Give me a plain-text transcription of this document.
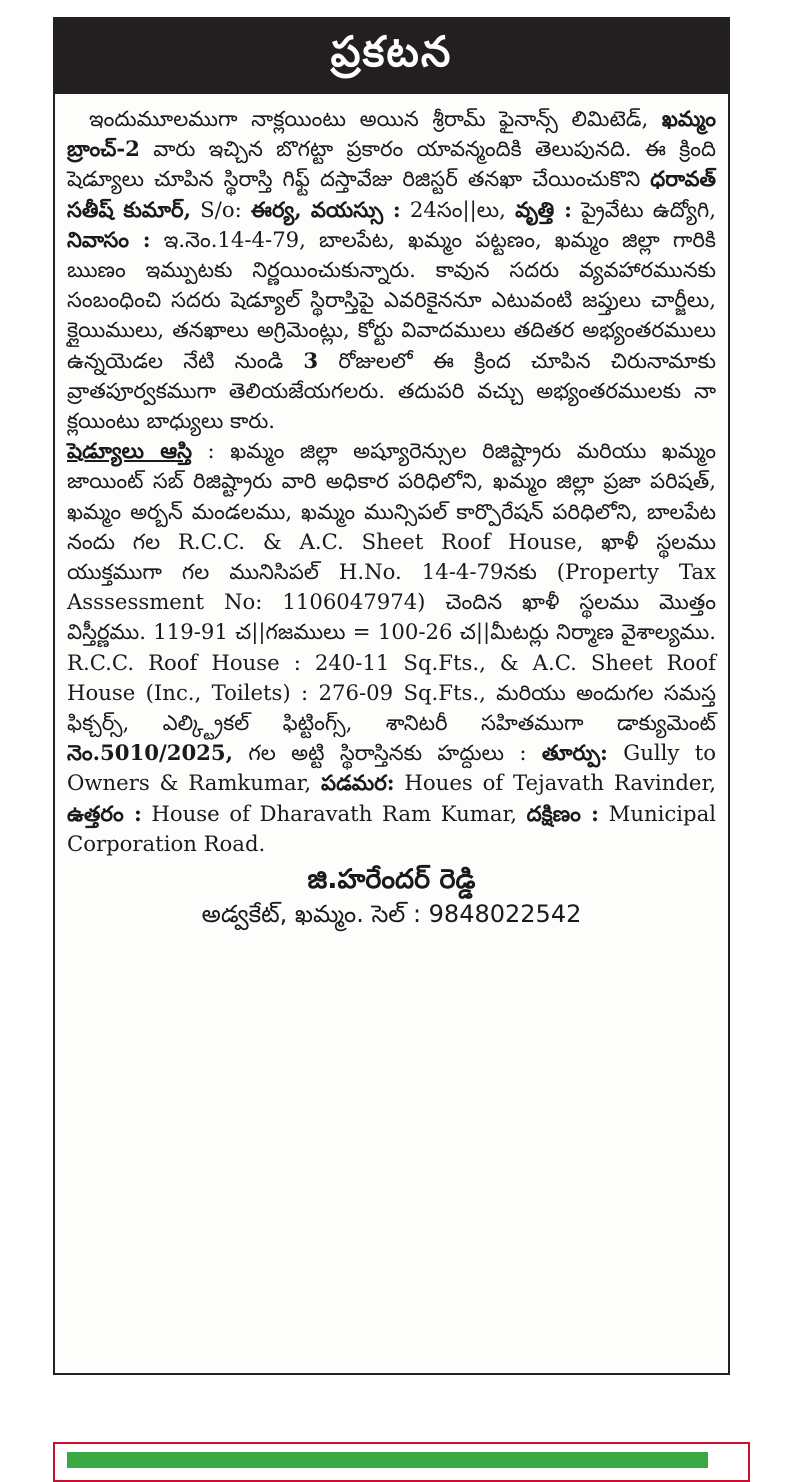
ప్రకటన

ఇందుమూలముగా నాక్లయింటు అయిన శ్రీరామ్ ఫైనాన్స్ లిమిటెడ్, ఖమ్మం బ్రాంచ్-2 వారు ఇచ్చిన బొగట్టా ప్రకారం యావన్మందికి తెలుపునది. ఈ క్రింది షెడ్యూలు చూపిన స్థిరాస్తి గిఫ్ట్ దస్తావేజు రిజిస్టర్ తనఖా చేయించుకొని ధరావత్ సతీష్ కుమార్, S/o: ఈర్య, వయస్సు : 24సం||లు, వృత్తి : ప్రైవేటు ఉద్యోగి, నివాసం : ఇ.నెం.14-4-79, బాలపేట, ఖమ్మం పట్టణం, ఖమ్మం జిల్లా గారికి ఋణం ఇమ్పుటకు నిర్ణయించుకున్నారు. కావున సదరు వ్యవహారమునకు సంబంధించి సదరు షెడ్యూల్ స్థిరాస్తిపై ఎవరికైననూ ఎటువంటి జప్తులు చార్జీలు, క్లైయిములు, తనఖాలు అగ్రిమెంట్లు, కోర్టు వివాదములు తదితర అభ్యంతరములు ఉన్నయెడల నేటి నుండి 3 రోజులలో ఈ క్రింద చూపిన చిరునామాకు వ్రాతపూర్వకముగా తెలియజేయగలరు. తదుపరి వచ్చు అభ్యంతరములకు నా క్లయింటు బాధ్యులు కారు.

షెడ్యూలు ఆస్తి : ఖమ్మం జిల్లా అష్యూరెన్సుల రిజిష్ట్రారు మరియు ఖమ్మం జాయింట్ సబ్ రిజిష్ట్రారు వారి అధికార పరిధిలోని, ఖమ్మం జిల్లా ప్రజా పరిషత్, ఖమ్మం అర్బన్ మండలము, ఖమ్మం మున్సిపల్ కార్పొరేషన్ పరిధిలోని, బాలపేట నందు గల R.C.C. & A.C. Sheet Roof House, ఖాళీ స్థలము యుక్తముగా గల మునిసిపల్ H.No. 14-4-79నకు (Property Tax Asssessment No: 1106047974) చెందిన ఖాళీ స్థలము మొత్తం విస్తీర్ణము. 119-91 చ||గజములు = 100-26 చ||మీటర్లు నిర్మాణ వైశాల్యము. R.C.C. Roof House : 240-11 Sq.Fts., & A.C. Sheet Roof House (Inc., Toilets) : 276-09 Sq.Fts., మరియు అందుగల సమస్త ఫిక్చర్స్, ఎల్క్ట్రికల్ ఫిట్టింగ్స్, శానిటరీ సహితముగా డాక్యుమెంట్ నెం.5010/2025, గల అట్టి స్థిరాస్తినకు హద్దులు : తూర్పు: Gully to Owners & Ramkumar, పడమర: Houes of Tejavath Ravinder, ఉత్తరం : House of Dharavath Ram Kumar, దక్షిణం : Municipal Corporation Road.

జి.హరేందర్ రెడ్డి
అడ్వకేట్, ఖమ్మం. సెల్ : 9848022542
